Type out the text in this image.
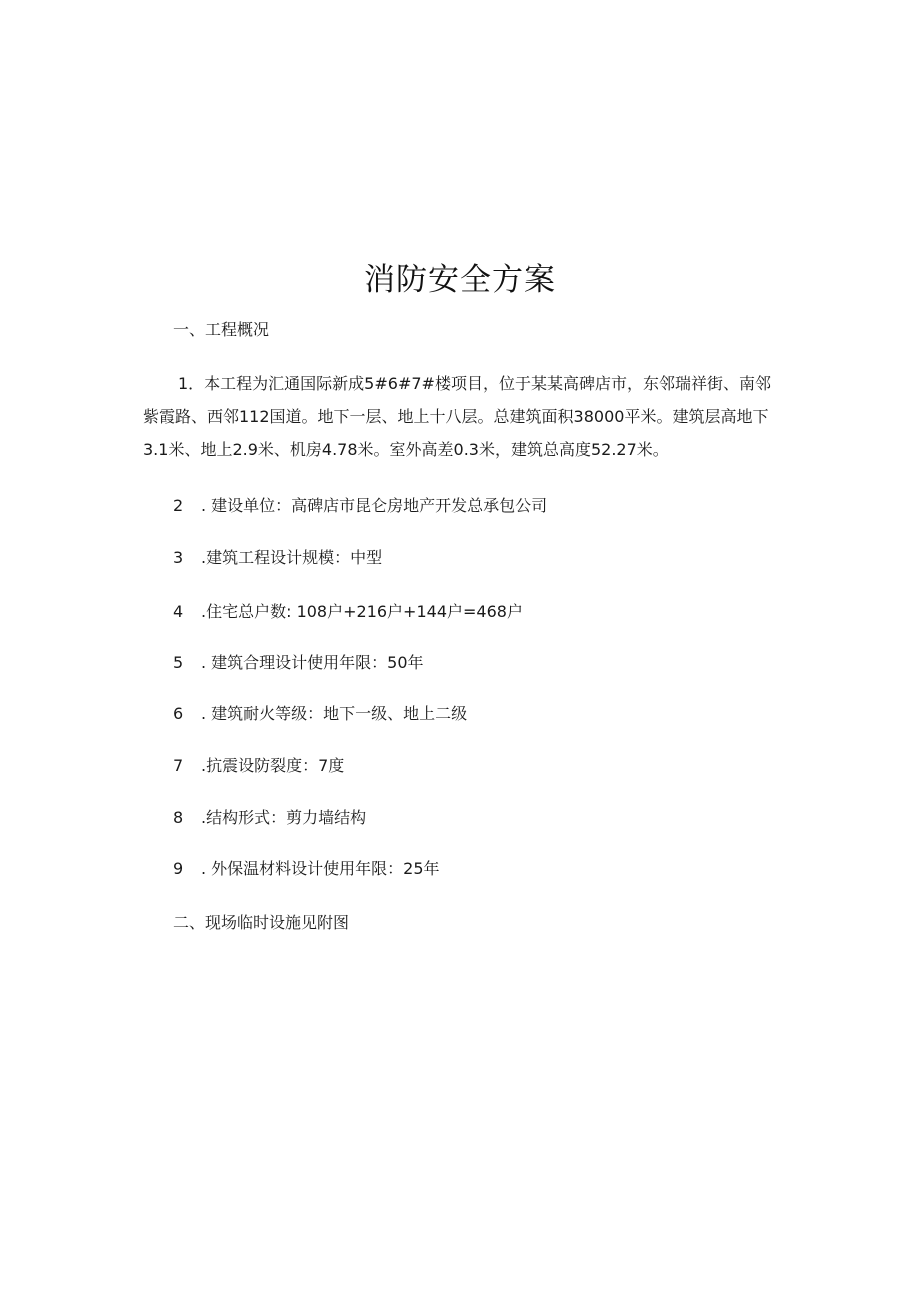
消防安全方案

一、工程概况

1．本工程为汇通国际新成5#6#7#楼项目，位于某某高碑店市，东邻瑞祥街、南邻紫霞路、西邻112国道。地下一层、地上十八层。总建筑面积38000平米。建筑层高地下3.1米、地上2.9米、机房4.78米。室外高差0.3米，建筑总高度52.27米。

2 . 建设单位：高碑店市昆仑房地产开发总承包公司

3 .建筑工程设计规模：中型

4 .住宅总户数: 108户+216户+144户=468户

5 . 建筑合理设计使用年限：50年

6 . 建筑耐火等级：地下一级、地上二级

7 .抗震设防裂度：7度

8 .结构形式：剪力墙结构

9 . 外保温材料设计使用年限：25年

二、现场临时设施见附图
